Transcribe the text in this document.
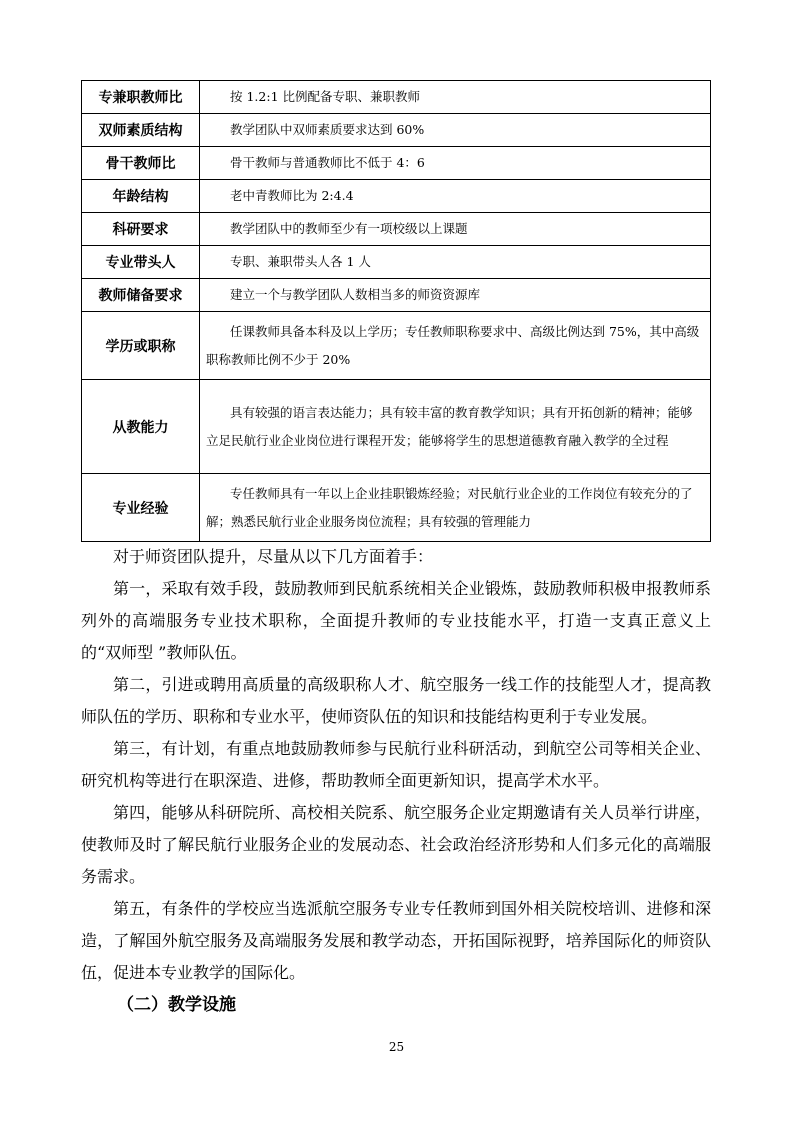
专兼职教师比	按 1.2:1 比例配备专职、兼职教师
双师素质结构	教学团队中双师素质要求达到 60%
骨干教师比	骨干教师与普通教师比不低于 4：6
年龄结构	老中青教师比为 2:4.4
科研要求	教学团队中的教师至少有一项校级以上课题
专业带头人	专职、兼职带头人各 1 人
教师储备要求	建立一个与教学团队人数相当多的师资资源库
学历或职称	任课教师具备本科及以上学历；专任教师职称要求中、高级比例达到 75%，其中高级职称教师比例不少于 20%
从教能力	具有较强的语言表达能力；具有较丰富的教育教学知识；具有开拓创新的精神；能够立足民航行业企业岗位进行课程开发；能够将学生的思想道德教育融入教学的全过程
专业经验	专任教师具有一年以上企业挂职锻炼经验；对民航行业企业的工作岗位有较充分的了解；熟悉民航行业企业服务岗位流程；具有较强的管理能力

对于师资团队提升，尽量从以下几方面着手：

第一，采取有效手段，鼓励教师到民航系统相关企业锻炼，鼓励教师积极申报教师系列外的高端服务专业技术职称，全面提升教师的专业技能水平，打造一支真正意义上的“双师型 ”教师队伍。

第二，引进或聘用高质量的高级职称人才、航空服务一线工作的技能型人才，提高教师队伍的学历、职称和专业水平，使师资队伍的知识和技能结构更利于专业发展。

第三，有计划，有重点地鼓励教师参与民航行业科研活动，到航空公司等相关企业、研究机构等进行在职深造、进修，帮助教师全面更新知识，提高学术水平。

第四，能够从科研院所、高校相关院系、航空服务企业定期邀请有关人员举行讲座，使教师及时了解民航行业服务企业的发展动态、社会政治经济形势和人们多元化的高端服务需求。

第五，有条件的学校应当选派航空服务专业专任教师到国外相关院校培训、进修和深造，了解国外航空服务及高端服务发展和教学动态，开拓国际视野，培养国际化的师资队伍，促进本专业教学的国际化。

（二）教学设施
25
